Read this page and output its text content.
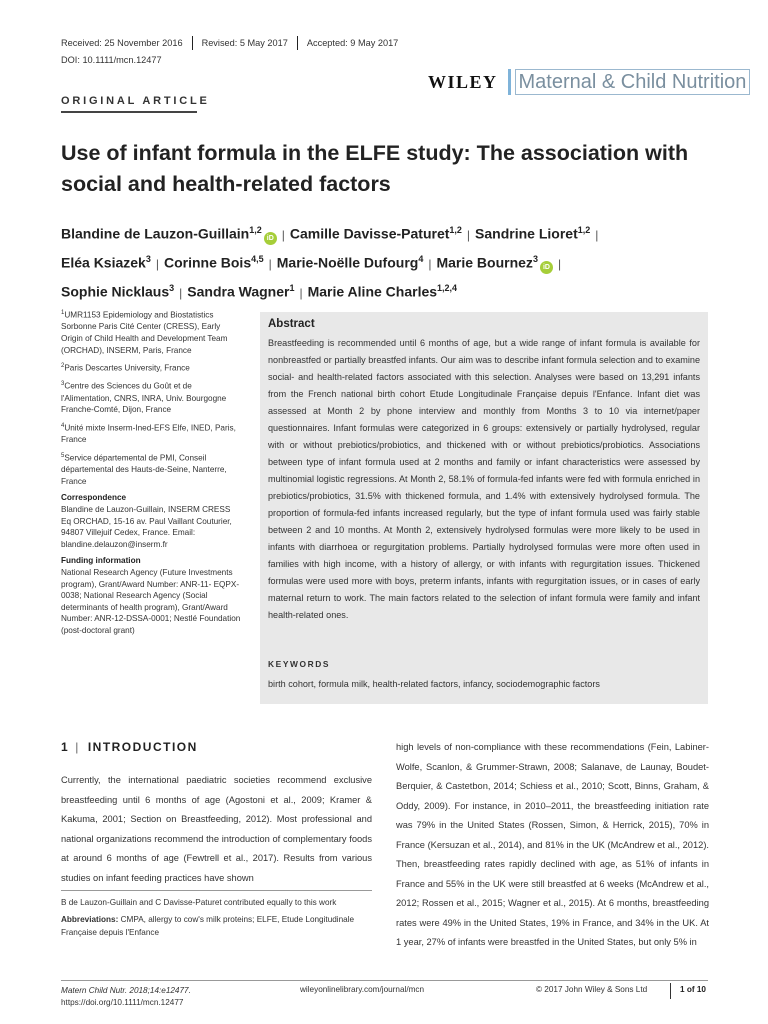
Received: 25 November 2016	Revised: 5 May 2017	Accepted: 9 May 2017
DOI: 10.1111/mcn.12477
WILEY Maternal & Child Nutrition
ORIGINAL ARTICLE
Use of infant formula in the ELFE study: The association with social and health-related factors
Blandine de Lauzon-Guillain$^{1,2}$iD | Camille Davisse-Paturet$^{1,2}$ | Sandrine Lioret$^{1,2}$ |
Eléa Ksiazek$^3$ | Corinne Bois$^{4,5}$ | Marie-Noëlle Dufourg$^4$ | Marie Bournez$^3$iD |
Sophie Nicklaus$^3$ | Sandra Wagner$^1$ | Marie Aline Charles$^{1,2,4}$

$^1$UMR1153 Epidemiology and Biostatistics Sorbonne Paris Cité Center (CRESS), Early Origin of Child Health and Development Team (ORCHAD), INSERM, Paris, France

$^2$Paris Descartes University, France

$^3$Centre des Sciences du Goût et de l'Alimentation, CNRS, INRA, Univ. Bourgogne Franche-Comté, Dijon, France

$^4$Unité mixte Inserm-Ined-EFS Elfe, INED, Paris, France

$^5$Service départemental de PMI, Conseil départemental des Hauts-de-Seine, Nanterre, France

Correspondence
Blandine de Lauzon-Guillain, INSERM CRESS Eq ORCHAD, 15-16 av. Paul Vaillant Couturier, 94807 Villejuif Cedex, France. Email: blandine.delauzon@inserm.fr

Funding information
National Research Agency (Future Investments program), Grant/Award Number: ANR-11- EQPX-0038; National Research Agency (Social determinants of health program), Grant/Award Number: ANR-12-DSSA-0001; Nestlé Foundation (post-doctoral grant)

Abstract
Breastfeeding is recommended until 6 months of age, but a wide range of infant formula is available for nonbreastfed or partially breastfed infants. Our aim was to describe infant formula selection and to examine social- and health-related factors associated with this selection. Analyses were based on 13,291 infants from the French national birth cohort Etude Longitudinale Française depuis l'Enfance. Infant diet was assessed at Month 2 by phone interview and monthly from Months 3 to 10 via internet/paper questionnaires. Infant formulas were categorized in 6 groups: extensively or partially hydrolysed, regular with or without prebiotics/probiotics, and thickened with or without prebiotics/probiotics. Associations between type of infant formula used at 2 months and family or infant characteristics were assessed by multinomial logistic regressions. At Month 2, 58.1% of formula-fed infants were fed with formula enriched in prebiotics/probiotics, 31.5% with thickened formula, and 1.4% with extensively hydrolysed formula. The proportion of formula-fed infants increased regularly, but the type of infant formula used was fairly stable between 2 and 10 months. At Month 2, extensively hydrolysed formulas were more likely to be used in infants with diarrhoea or regurgitation problems. Partially hydrolysed formulas were more often used in families with high income, with a history of allergy, or with infants with regurgitation issues. Thickened formulas were used more with boys, preterm infants, infants with regurgitation issues, or in cases of early maternal return to work. The main factors related to the selection of infant formula were family and infant health-related ones.
KEYWORDS
birth cohort, formula milk, health-related factors, infancy, sociodemographic factors
1 | INTRODUCTION
Currently, the international paediatric societies recommend exclusive breastfeeding until 6 months of age (Agostoni et al., 2009; Kramer & Kakuma, 2001; Section on Breastfeeding, 2012). Most professional and national organizations recommend the introduction of complementary foods at around 6 months of age (Fewtrell et al., 2017). Results from various studies on infant feeding practices have shown
high levels of non-compliance with these recommendations (Fein, Labiner-Wolfe, Scanlon, & Grummer-Strawn, 2008; Salanave, de Launay, Boudet-Berquier, & Castetbon, 2014; Schiess et al., 2010; Scott, Binns, Graham, & Oddy, 2009). For instance, in 2010–2011, the breastfeeding initiation rate was 79% in the United States (Rossen, Simon, & Herrick, 2015), 70% in France (Kersuzan et al., 2014), and 81% in the UK (McAndrew et al., 2012). Then, breastfeeding rates rapidly declined with age, as 51% of infants in France and 55% in the UK were still breastfed at 6 weeks (McAndrew et al., 2012; Rossen et al., 2015; Wagner et al., 2015). At 6 months, breastfeeding rates were 49% in the United States, 19% in France, and 34% in the UK. At 1 year, 27% of infants were breastfed in the United States, but only 5% in

B de Lauzon-Guillain and C Davisse-Paturet contributed equally to this work

Abbreviations: CMPA, allergy to cow's milk proteins; ELFE, Etude Longitudinale Française depuis l'Enfance

Matern Child Nutr. 2018;14:e12477.
https://doi.org/10.1111/mcn.12477
wileyonlinelibrary.com/journal/mcn	© 2017 John Wiley & Sons Ltd	1 of 10
